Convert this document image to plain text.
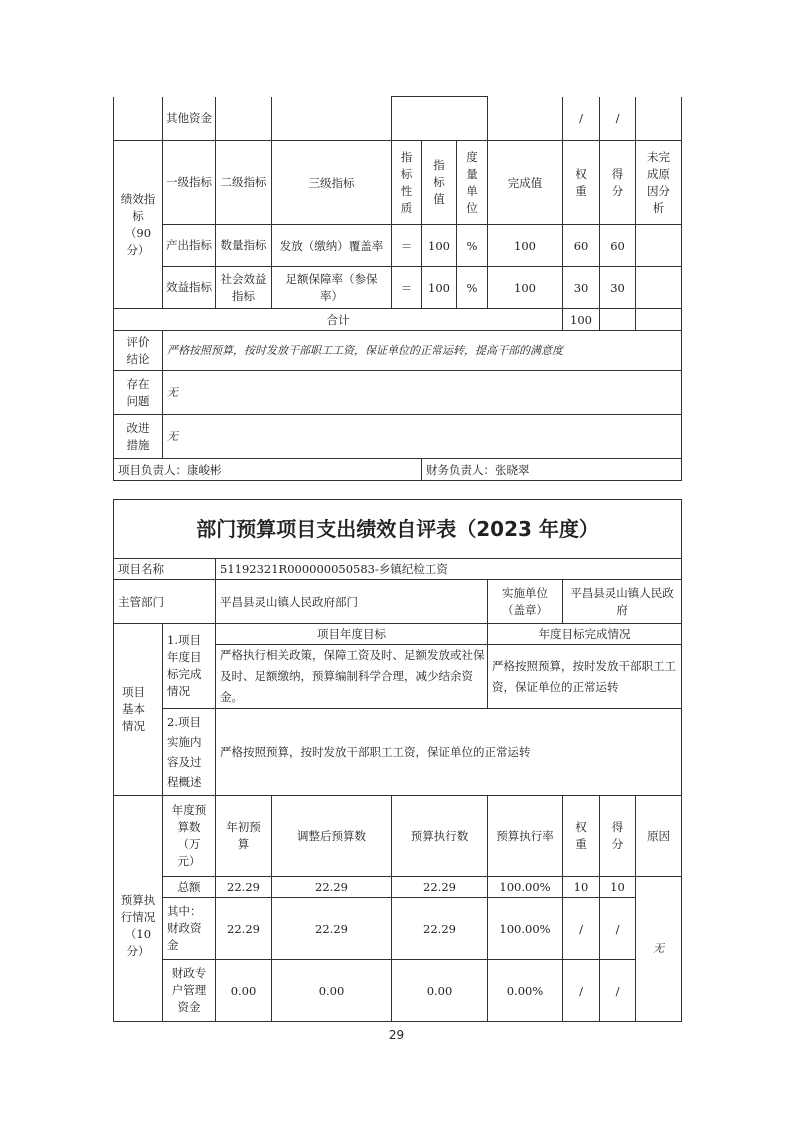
	其他资金							/	/	
绩效指标（90分）	一级指标	二级指标	三级指标	指标性质	指标值	度量单位	完成值	权重	得分	未完成原因分析
	产出指标	数量指标	发放（缴纳）覆盖率	＝	100	%	100	60	60	
	效益指标	社会效益指标	足额保障率（参保率）	＝	100	%	100	30	30	
合计								100		
评价结论	严格按照预算，按时发放干部职工工资，保证单位的正常运转，提高干部的满意度									
存在问题	无									
改进措施	无									
项目负责人：康峻彬					财务负责人：张晓翠					
部门预算项目支出绩效自评表（2023 年度）								
项目名称		51192321R000000050583-乡镇纪检工资						
主管部门		平昌县灵山镇人民政府部门			实施单位（盖章）	平昌县灵山镇人民政府		
项目基本情况	1.项目年度目标完成情况	项目年度目标			年度目标完成情况			
		严格执行相关政策，保障工资及时、足额发放或社保及时、足额缴纳，预算编制科学合理，减少结余资金。			严格按照预算，按时发放干部职工工资，保证单位的正常运转			
	2.项目实施内容及过程概述	严格按照预算，按时发放干部职工工资，保证单位的正常运转						
预算执行情况（10分）	年度预算数（万元）	年初预算	调整后预算数	预算执行数	预算执行率	权重	得分	原因
	总额	22.29	22.29	22.29	100.00%	10	10	无
	其中：财政资金	22.29	22.29	22.29	100.00%	/	/	
	财政专户管理资金	0.00	0.00	0.00	0.00%	/	/	
29
